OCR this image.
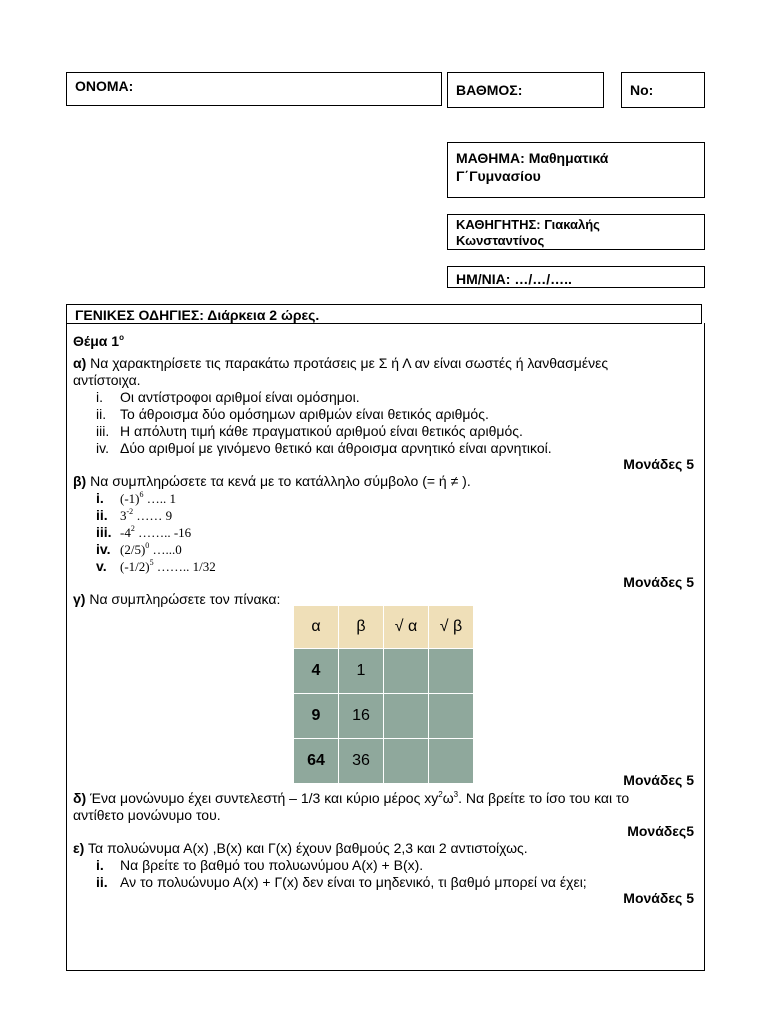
ΟΝΟΜΑ:	ΒΑΘΜΟΣ:	Νο:
ΜΑΘΗΜΑ: Μαθηματικά
Γ΄Γυμνασίου
ΚΑΘΗΓΗΤΗΣ: Γιακαλής
Κωνσταντίνος
ΗΜ/ΝΙΑ: …/…/…..
ΓΕΝΙΚΕΣ ΟΔΗΓΙΕΣ: Διάρκεια 2 ώρες.
Θέμα $1^o$
α) Να χαρακτηρίσετε τις παρακάτω προτάσεις με Σ ή Λ αν είναι σωστές ή λανθασμένες
αντίστοιχα.
i.	Οι αντίστροφοι αριθμοί είναι ομόσημοι.
ii. Το άθροισμα δύο ομόσημων αριθμών είναι θετικός αριθμός.
iii. Η απόλυτη τιμή κάθε πραγματικού αριθμού είναι θετικός αριθμός.
iv. Δύο αριθμοί με γινόμενο θετικό και άθροισμα αρνητικό είναι αρνητικοί.
Μονάδες 5
β) Να συμπληρώσετε τα κενά με το κατάλληλο σύμβολο (= ή ≠ ).
i. $(-1)^6$ ….. 1
ii. $3^{-2}$ …… 9
iii. $-4^2$ …….. -16
iv. $(2/5)^0$ …...0
v. $(-1/2)^5$ …….. 1/32
Μονάδες 5
γ) Να συμπληρώσετε τον πίνακα:
α	β	√ α	√ β
4	1		
9	16		
64	36		
Μονάδες 5
δ) Ένα μονώνυμο έχει συντελεστή – 1/3 και κύριο μέρος $xy^2\omega^3$. Να βρείτε το ίσο του και το
αντίθετο μονώνυμο του.
Μονάδες5
ε) Τα πολυώνυμα Α(x) ,Β(x) και Γ(x) έχουν βαθμούς 2,3 και 2 αντιστοίχως.
i. Να βρείτε το βαθμό του πολυωνύμου Α(x) + Β(x).
ii. Αν το πολυώνυμο Α(x) + Γ(x) δεν είναι το μηδενικό, τι βαθμό μπορεί να έχει;
Μονάδες 5
